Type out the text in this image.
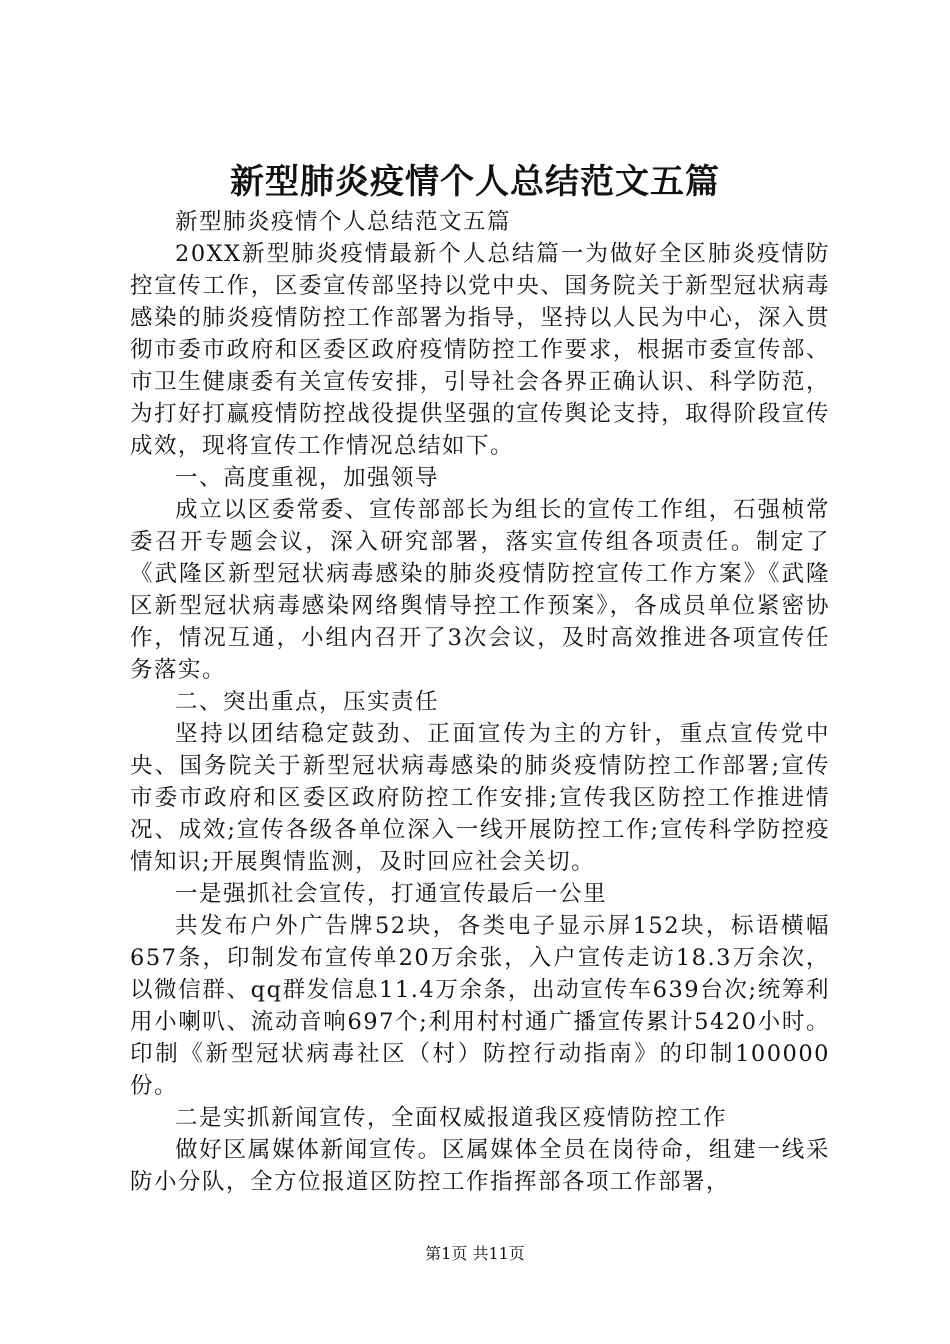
新型肺炎疫情个人总结范文五篇

新型肺炎疫情个人总结范文五篇

20XX新型肺炎疫情最新个人总结篇一为做好全区肺炎疫情防控宣传工作，区委宣传部坚持以党中央、国务院关于新型冠状病毒感染的肺炎疫情防控工作部署为指导，坚持以人民为中心，深入贯彻市委市政府和区委区政府疫情防控工作要求，根据市委宣传部、市卫生健康委有关宣传安排，引导社会各界正确认识、科学防范，为打好打赢疫情防控战役提供坚强的宣传舆论支持，取得阶段宣传成效，现将宣传工作情况总结如下。

一、高度重视，加强领导

成立以区委常委、宣传部部长为组长的宣传工作组，石强桢常委召开专题会议，深入研究部署，落实宣传组各项责任。制定了《武隆区新型冠状病毒感染的肺炎疫情防控宣传工作方案》《武隆区新型冠状病毒感染网络舆情导控工作预案》，各成员单位紧密协作，情况互通，小组内召开了3次会议，及时高效推进各项宣传任务落实。

二、突出重点，压实责任

坚持以团结稳定鼓劲、正面宣传为主的方针，重点宣传党中央、国务院关于新型冠状病毒感染的肺炎疫情防控工作部署;宣传市委市政府和区委区政府防控工作安排;宣传我区防控工作推进情况、成效;宣传各级各单位深入一线开展防控工作;宣传科学防控疫情知识;开展舆情监测，及时回应社会关切。

一是强抓社会宣传，打通宣传最后一公里

共发布户外广告牌52块，各类电子显示屏152块，标语横幅657条，印制发布宣传单20万余张，入户宣传走访18.3万余次，以微信群、qq群发信息11.4万余条，出动宣传车639台次;统筹利用小喇叭、流动音响697个;利用村村通广播宣传累计5420小时。印制《新型冠状病毒社区（村）防控行动指南》的印制100000份。

二是实抓新闻宣传，全面权威报道我区疫情防控工作

做好区属媒体新闻宣传。区属媒体全员在岗待命，组建一线采防小分队，全方位报道区防控工作指挥部各项工作部署，

第1页 共11页
